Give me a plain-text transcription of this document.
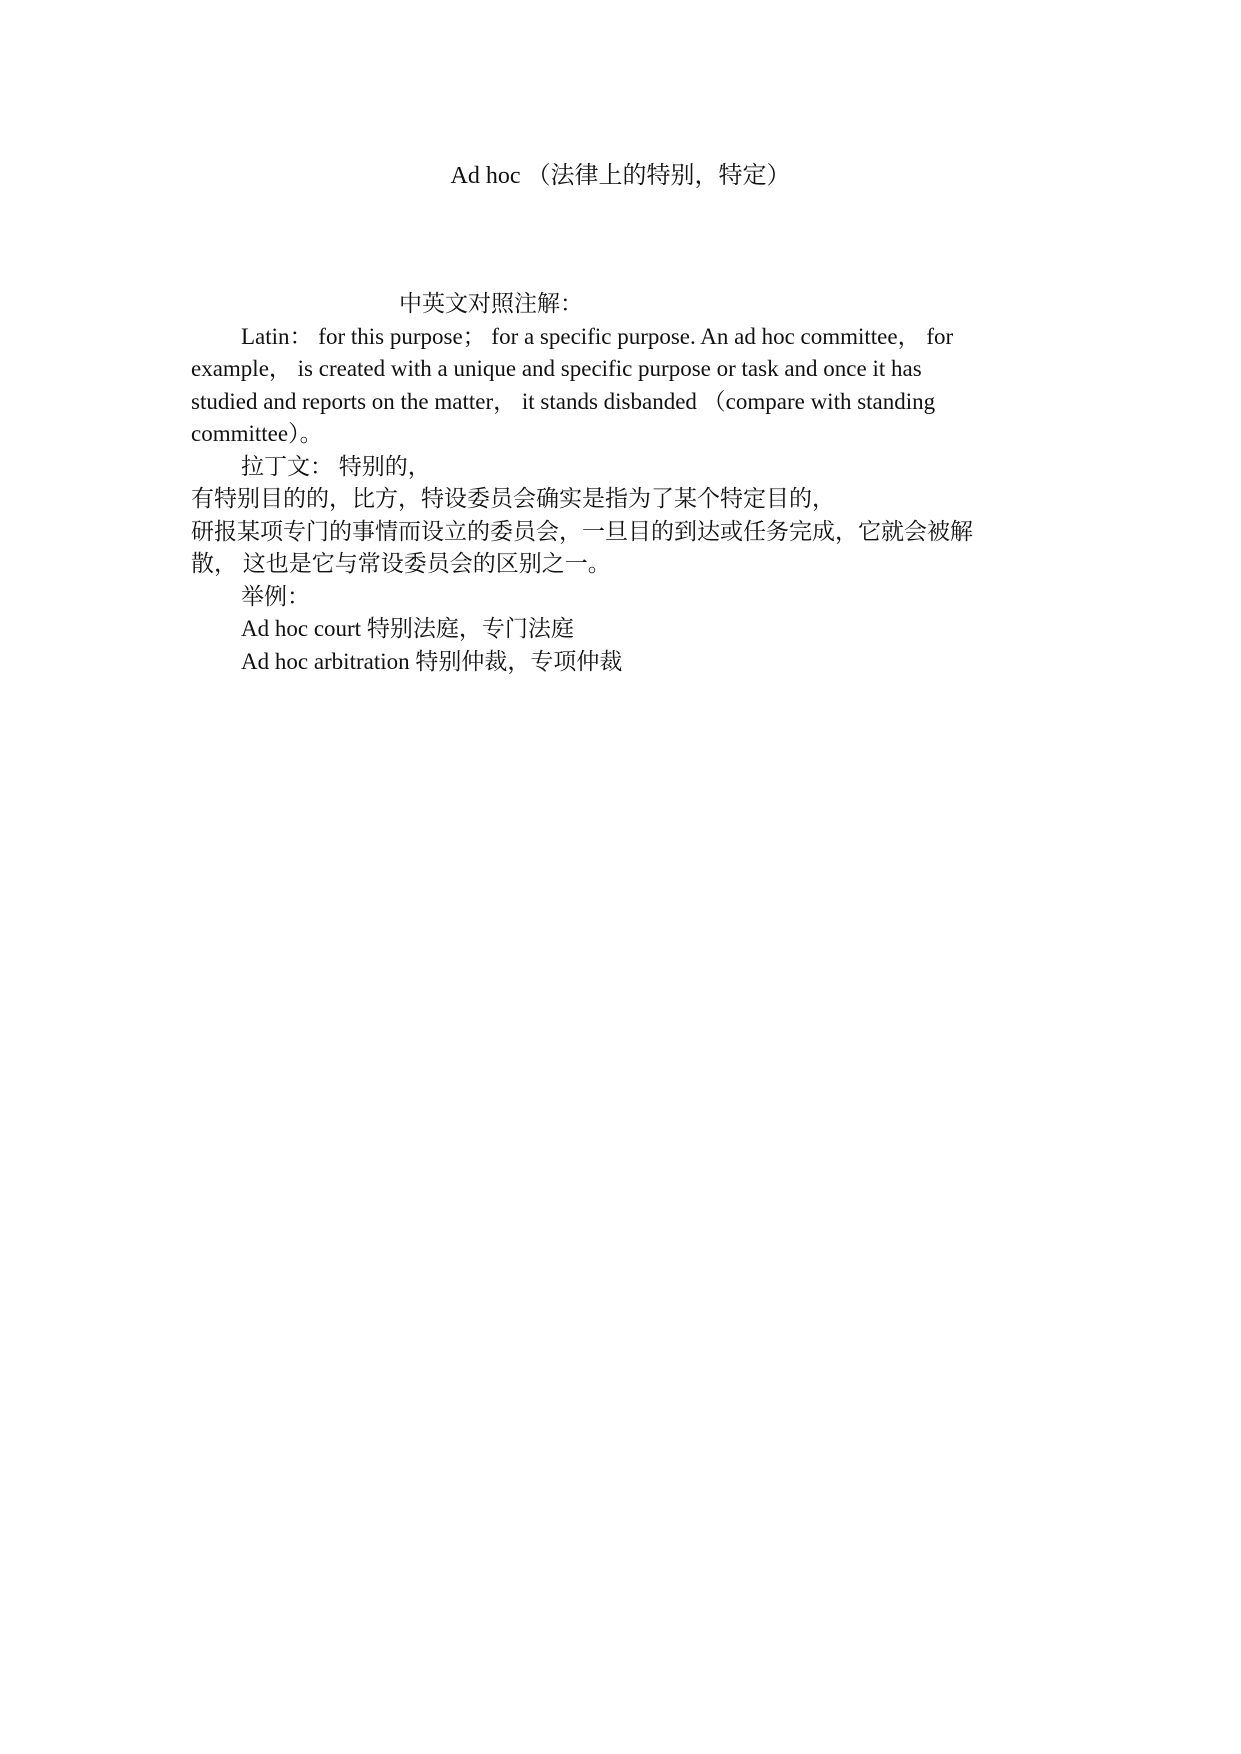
Ad hoc （法律上的特别，特定）
中英文对照注解：
Latin： for this purpose； for a specific purpose. An ad hoc committee， for
example， is created with a unique and specific purpose or task and once it has
studied and reports on the matter， it stands disbanded （compare with standing
committee）。
拉丁文： 特别的，
有特别目的的，比方，特设委员会确实是指为了某个特定目的，
研报某项专门的事情而设立的委员会，一旦目的到达或任务完成，它就会被解
散， 这也是它与常设委员会的区别之一。
举例：
Ad hoc court 特别法庭，专门法庭
Ad hoc arbitration 特别仲裁，专项仲裁
